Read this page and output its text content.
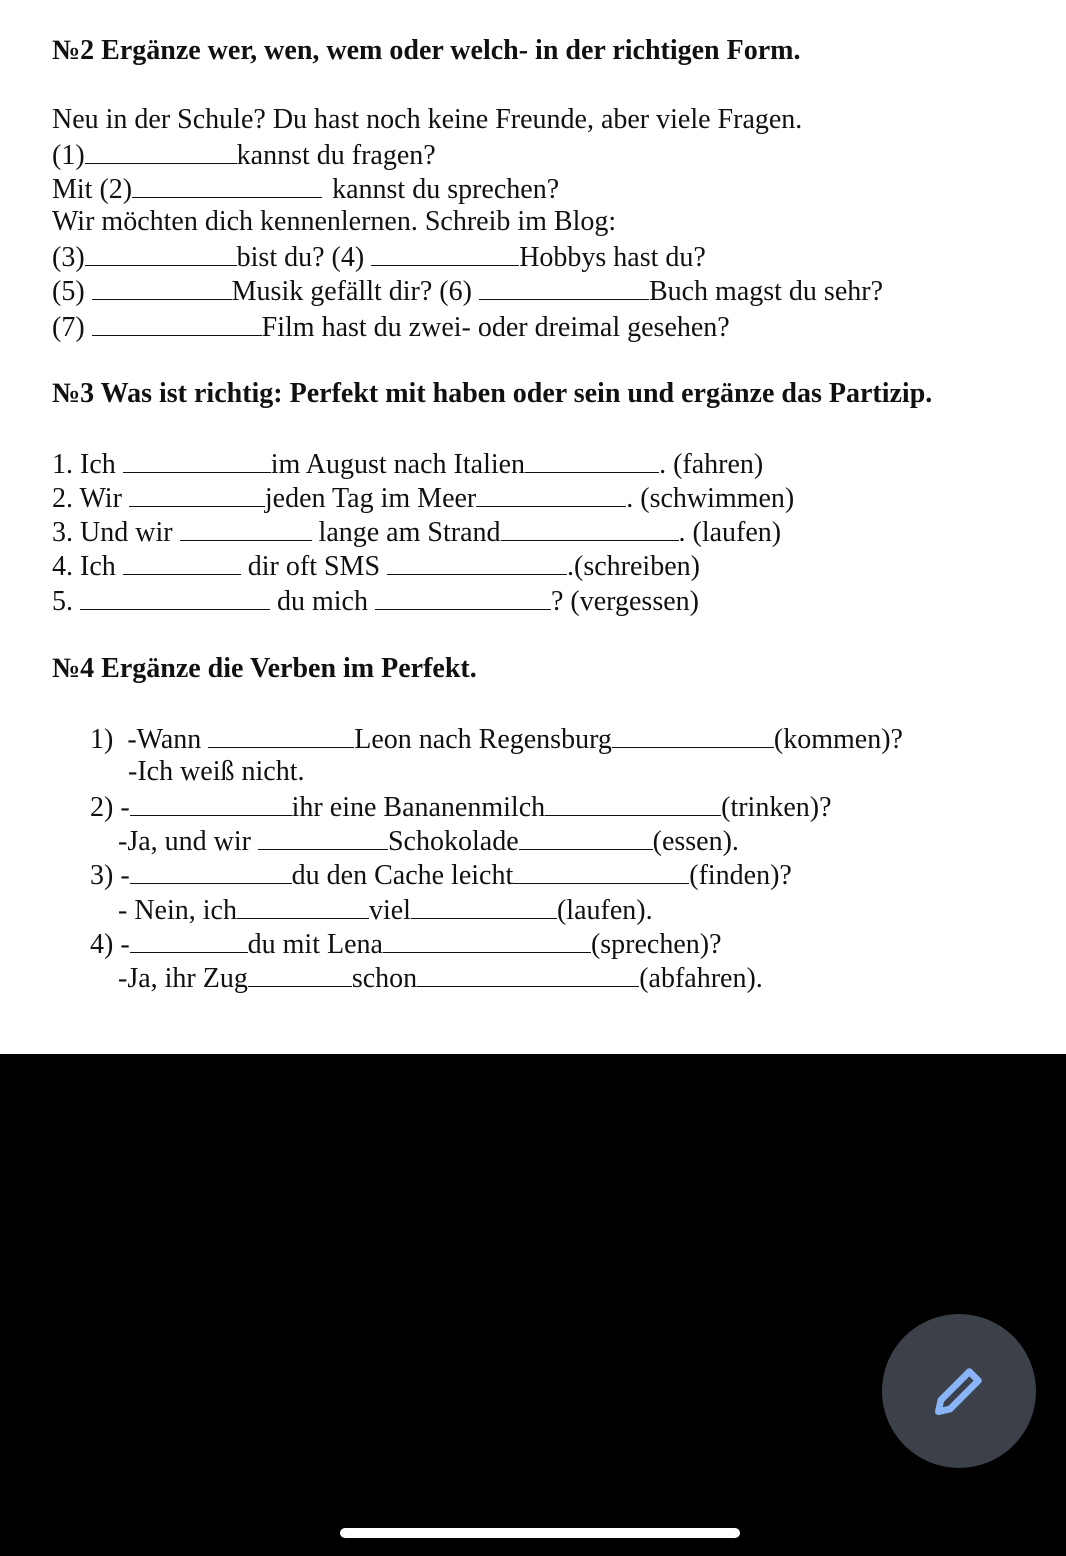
№2 Ergänze wer, wen, wem oder welch- in der richtigen Form.
Neu in der Schule? Du hast noch keine Freunde, aber viele Fragen.
(1)	kannst du fragen?
Mit (2)	kannst du sprechen?
Wir möchten dich kennenlernen. Schreib im Blog:
(3)	bist du? (4)	Hobbys hast du?
(5)	Musik gefällt dir? (6)	Buch magst du sehr?
(7)	Film hast du zwei- oder dreimal gesehen?
№3 Was ist richtig: Perfekt mit haben oder sein und ergänze das Partizip.
1. Ich	im August nach Italien	. (fahren)
2. Wir	jeden Tag im Meer	. (schwimmen)
3. Und wir	lange am Strand	. (laufen)
4. Ich	dir oft SMS	.(schreiben)
5.	du mich	? (vergessen)
№4 Ergänze die Verben im Perfekt.
1)  -Wann	Leon nach Regensburg	(kommen)?
-Ich weiß nicht.
2) -	ihr eine Bananenmilch	(trinken)?
-Ja, und wir	Schokolade	(essen).
3) -	du den Cache leicht	(finden)?
- Nein, ich	viel	(laufen).
4) -	du mit Lena	(sprechen)?
-Ja, ihr Zug	schon	(abfahren).
